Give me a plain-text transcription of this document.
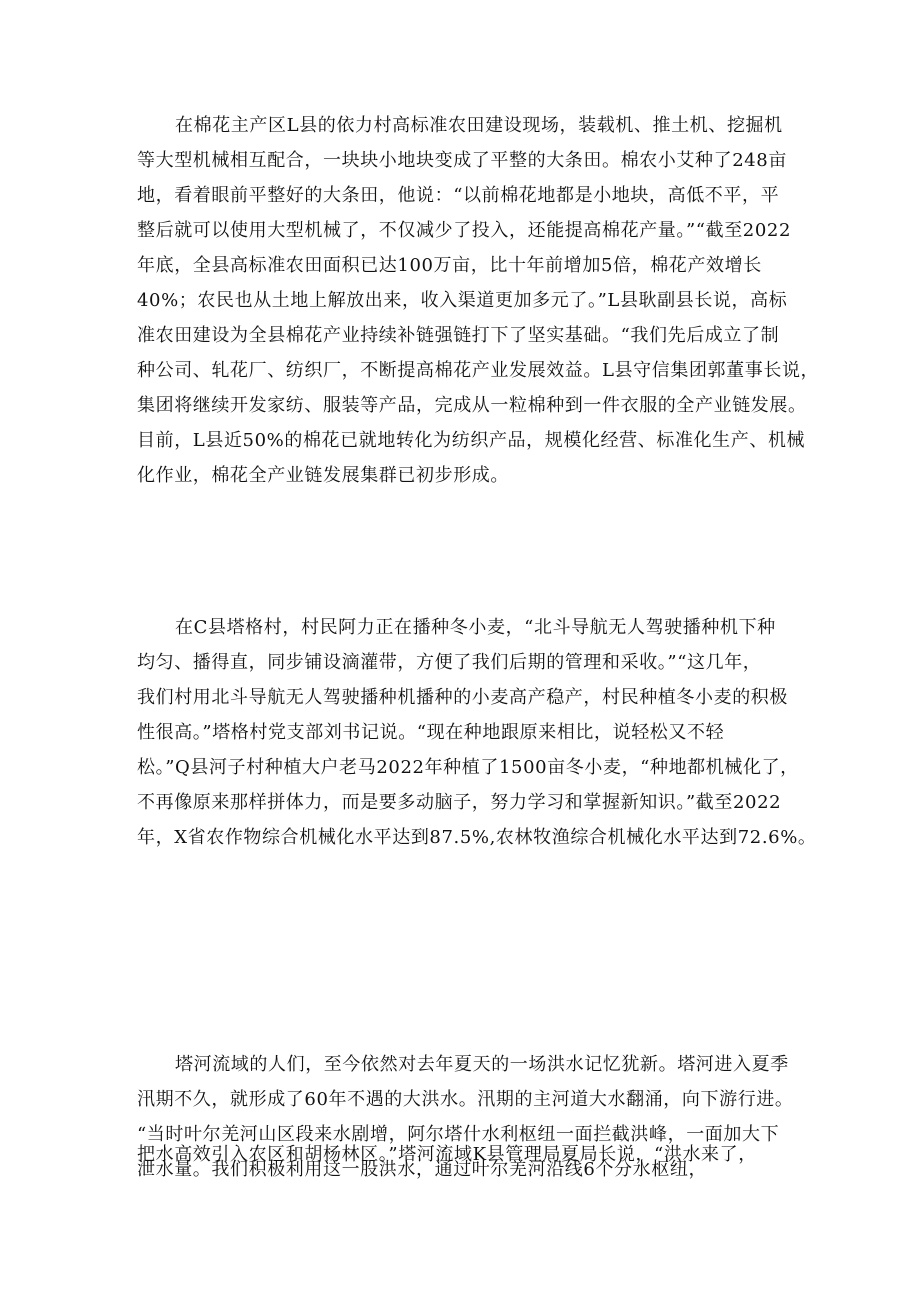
在棉花主产区L县的依力村高标准农田建设现场，装载机、推土机、挖掘机
等大型机械相互配合，一块块小地块变成了平整的大条田。棉农小艾种了248亩
地，看着眼前平整好的大条田，他说：“以前棉花地都是小地块，高低不平，平
整后就可以使用大型机械了，不仅减少了投入，还能提高棉花产量。”“截至2022
年底，全县高标准农田面积已达100万亩，比十年前增加5倍，棉花产效增长
40%；农民也从土地上解放出来，收入渠道更加多元了。”L县耿副县长说，高标
准农田建设为全县棉花产业持续补链强链打下了坚实基础。“我们先后成立了制
种公司、轧花厂、纺织厂，不断提高棉花产业发展效益。L县守信集团郭董事长说，
集团将继续开发家纺、服装等产品，完成从一粒棉种到一件衣服的全产业链发展。
目前，L县近50%的棉花已就地转化为纺织产品，规模化经营、标准化生产、机械
化作业，棉花全产业链发展集群已初步形成。
在C县塔格村，村民阿力正在播种冬小麦，“北斗导航无人驾驶播种机下种
均匀、播得直，同步铺设滴灌带，方便了我们后期的管理和采收。”“这几年，
我们村用北斗导航无人驾驶播种机播种的小麦高产稳产，村民种植冬小麦的积极
性很高。”塔格村党支部刘书记说。“现在种地跟原来相比，说轻松又不轻
松。”Q县河子村种植大户老马2022年种植了1500亩冬小麦，“种地都机械化了，
不再像原来那样拼体力，而是要多动脑子，努力学习和掌握新知识。”截至2022
年，X省农作物综合机械化水平达到87.5%,农林牧渔综合机械化水平达到72.6%。
塔河流域的人们，至今依然对去年夏天的一场洪水记忆犹新。塔河进入夏季
汛期不久，就形成了60年不遇的大洪水。汛期的主河道大水翻涌，向下游行进。
“当时叶尔羌河山区段来水剧增，阿尔塔什水利枢纽一面拦截洪峰，一面加大下
泄水量。我们积极利用这一股洪水，通过叶尔羌河沿线6个分水枢纽，
把水高效引入农区和胡杨林区。”塔河流域K县管理局夏局长说，“洪水来了，
